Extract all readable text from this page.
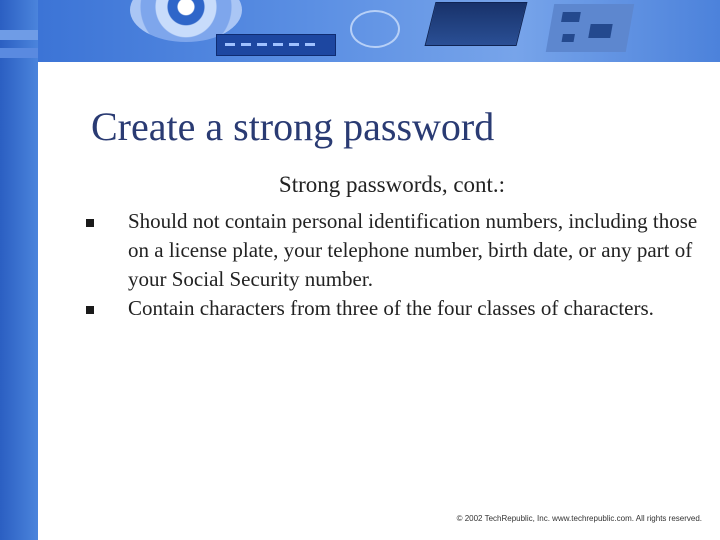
Create a strong password
Strong passwords, cont.:
Should not contain personal identification numbers, including those on a license plate, your telephone number, birth date, or any part of your Social Security number.
Contain characters from three of the four classes of characters.
© 2002 TechRepublic, Inc. www.techrepublic.com. All rights reserved.
